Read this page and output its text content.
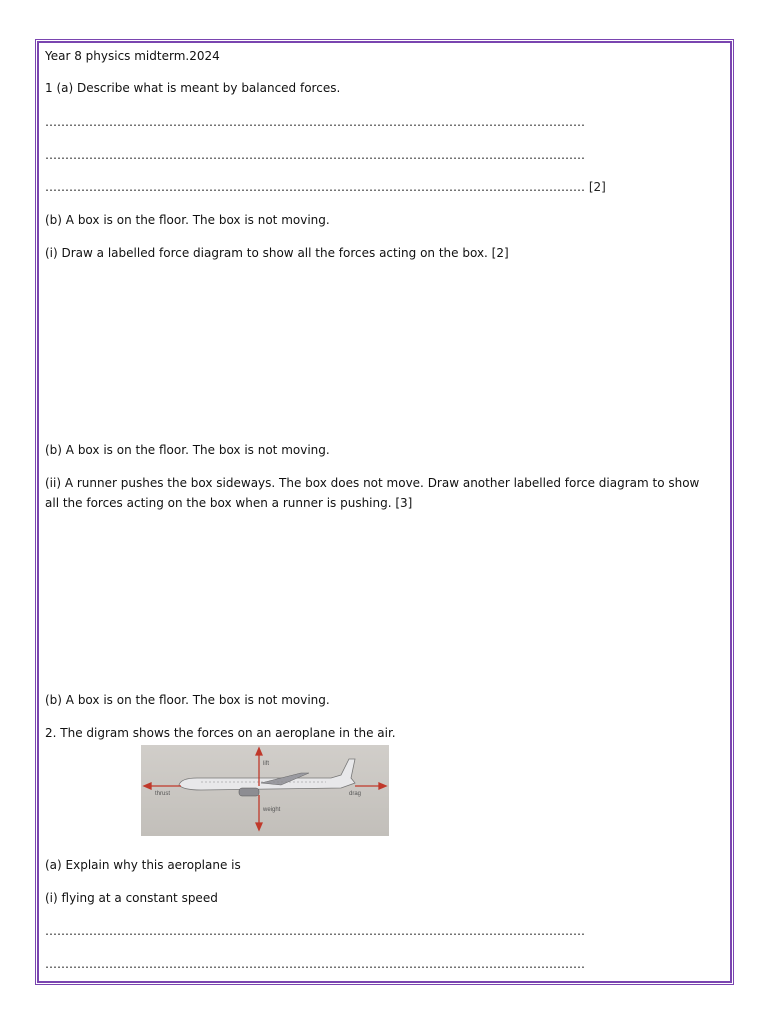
Year 8 physics midterm.2024
1 (a) Describe what is meant by balanced forces.
………………………………………………………………………………………………………………………
………………………………………………………………………………………………………………………
……………………………………………………………………………………………………………………… [2]
(b) A box is on the floor. The box is not moving.
(i) Draw a labelled force diagram to show all the forces acting on the box. [2]
(b) A box is on the floor. The box is not moving.
(ii) A runner pushes the box sideways. The box does not move. Draw another labelled force diagram to show all the forces acting on the box when a runner is pushing. [3]
(b) A box is on the floor. The box is not moving.
2. The digram shows the forces on an aeroplane in the air.
lift
thrust	drag
weight
(a) Explain why this aeroplane is
(i) flying at a constant speed
………………………………………………………………………………………………………………………
………………………………………………………………………………………………………………………
